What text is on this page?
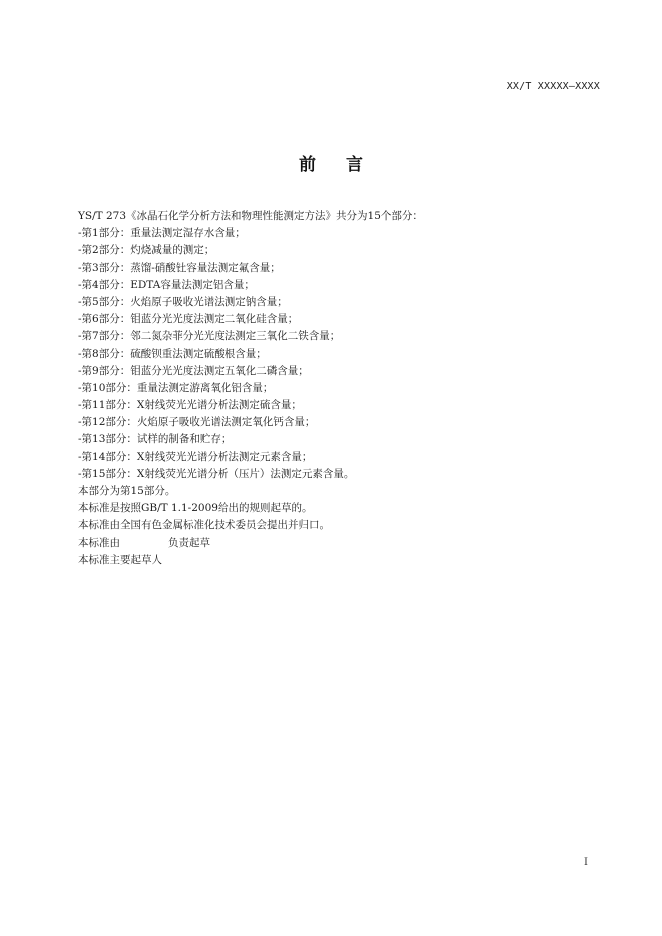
XX/T XXXXX—XXXX
前言
YS/T 273《冰晶石化学分析方法和物理性能测定方法》共分为15个部分：
-第1部分：重量法测定湿存水含量；
-第2部分：灼烧减量的测定；
-第3部分：蒸馏-硝酸钍容量法测定氟含量；
-第4部分：EDTA容量法测定铝含量；
-第5部分：火焰原子吸收光谱法测定钠含量；
-第6部分：钼蓝分光光度法测定二氧化硅含量；
-第7部分：邻二氮杂菲分光光度法测定三氧化二铁含量；
-第8部分：硫酸钡重法测定硫酸根含量；
-第9部分：钼蓝分光光度法测定五氧化二磷含量；
-第10部分：重量法测定游离氧化铝含量；
-第11部分：X射线荧光光谱分析法测定硫含量；
-第12部分：火焰原子吸收光谱法测定氧化钙含量；
-第13部分：试样的制备和贮存；
-第14部分：X射线荧光光谱分析法测定元素含量；
-第15部分：X射线荧光光谱分析（压片）法测定元素含量。
本部分为第15部分。
本标准是按照GB/T 1.1-2009给出的规则起草的。
本标准由全国有色金属标准化技术委员会提出并归口。
本标准由	负责起草
本标准主要起草人
I
